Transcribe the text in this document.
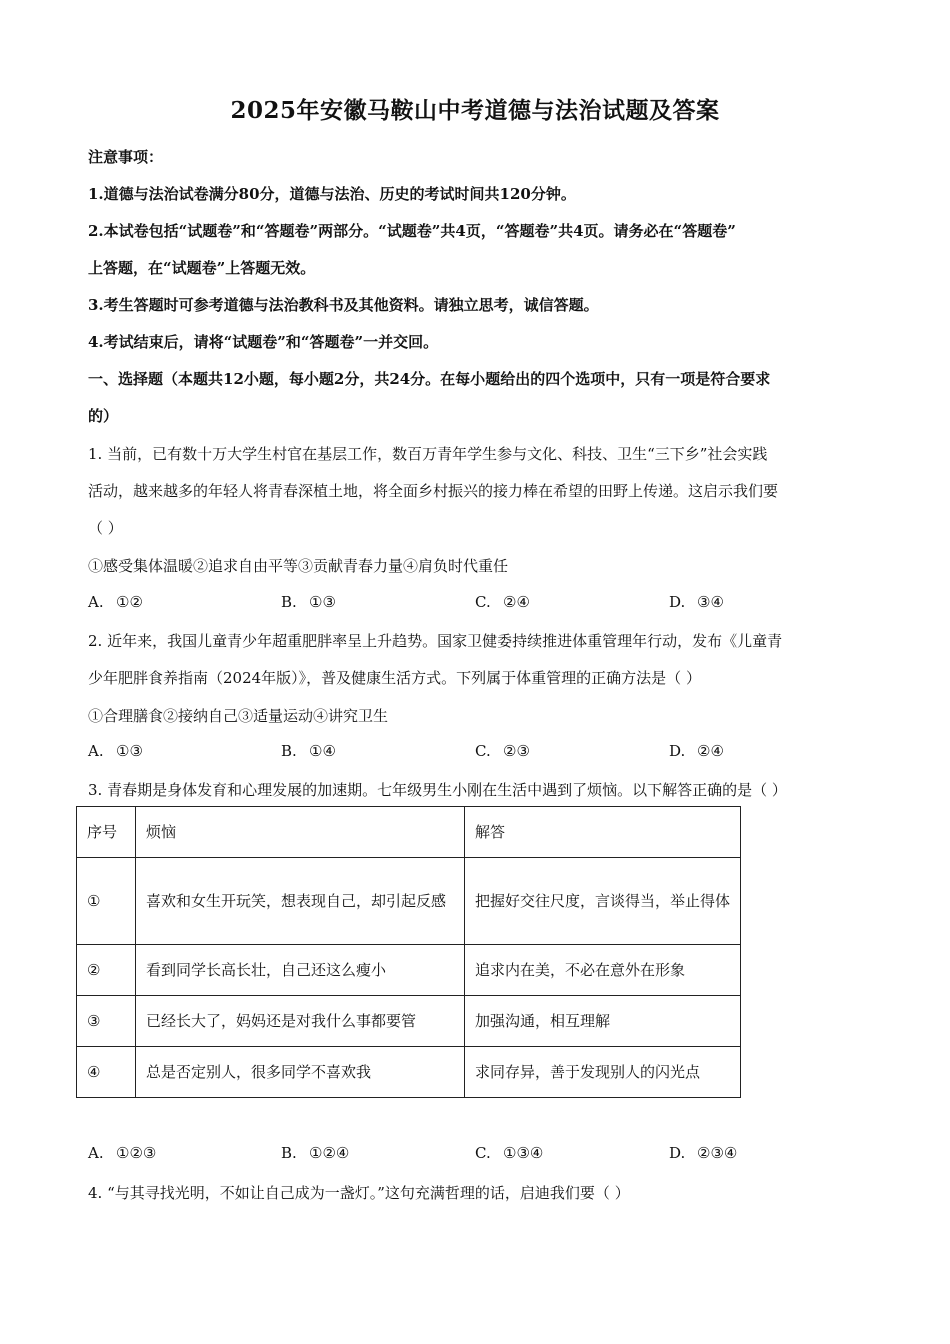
2025年安徽马鞍山中考道德与法治试题及答案
注意事项：
1.道德与法治试卷满分80分，道德与法治、历史的考试时间共120分钟。
2.本试卷包括“试题卷”和“答题卷”两部分。“试题卷”共4页，“答题卷”共4页。请务必在“答题卷”
上答题，在“试题卷”上答题无效。
3.考生答题时可参考道德与法治教科书及其他资料。请独立思考，诚信答题。
4.考试结束后，请将“试题卷”和“答题卷”一并交回。
一、选择题（本题共12小题，每小题2分，共24分。在每小题给出的四个选项中，只有一项是符合要求
的）
1. 当前，已有数十万大学生村官在基层工作，数百万青年学生参与文化、科技、卫生“三下乡”社会实践
活动，越来越多的年轻人将青春深植土地，将全面乡村振兴的接力棒在希望的田野上传递。这启示我们要
（ ）
①感受集体温暖②追求自由平等③贡献青春力量④肩负时代重任
A. ①②	B. ①③	C. ②④	D. ③④
2. 近年来，我国儿童青少年超重肥胖率呈上升趋势。国家卫健委持续推进体重管理年行动，发布《儿童青
少年肥胖食养指南（2024年版）》，普及健康生活方式。下列属于体重管理的正确方法是（ ）
①合理膳食②接纳自己③适量运动④讲究卫生
A. ①③	B. ①④	C. ②③	D. ②④
3. 青春期是身体发育和心理发展的加速期。七年级男生小刚在生活中遇到了烦恼。以下解答正确的是（ ）
序号	烦恼	解答
①	喜欢和女生开玩笑，想表现自己，却引起反感	把握好交往尺度，言谈得当，举止得体
②	看到同学长高长壮，自己还这么瘦小	追求内在美，不必在意外在形象
③	已经长大了，妈妈还是对我什么事都要管	加强沟通，相互理解
④	总是否定别人，很多同学不喜欢我	求同存异，善于发现别人的闪光点
A. ①②③	B. ①②④	C. ①③④	D. ②③④
4. “与其寻找光明，不如让自己成为一盏灯。”这句充满哲理的话，启迪我们要（ ）
